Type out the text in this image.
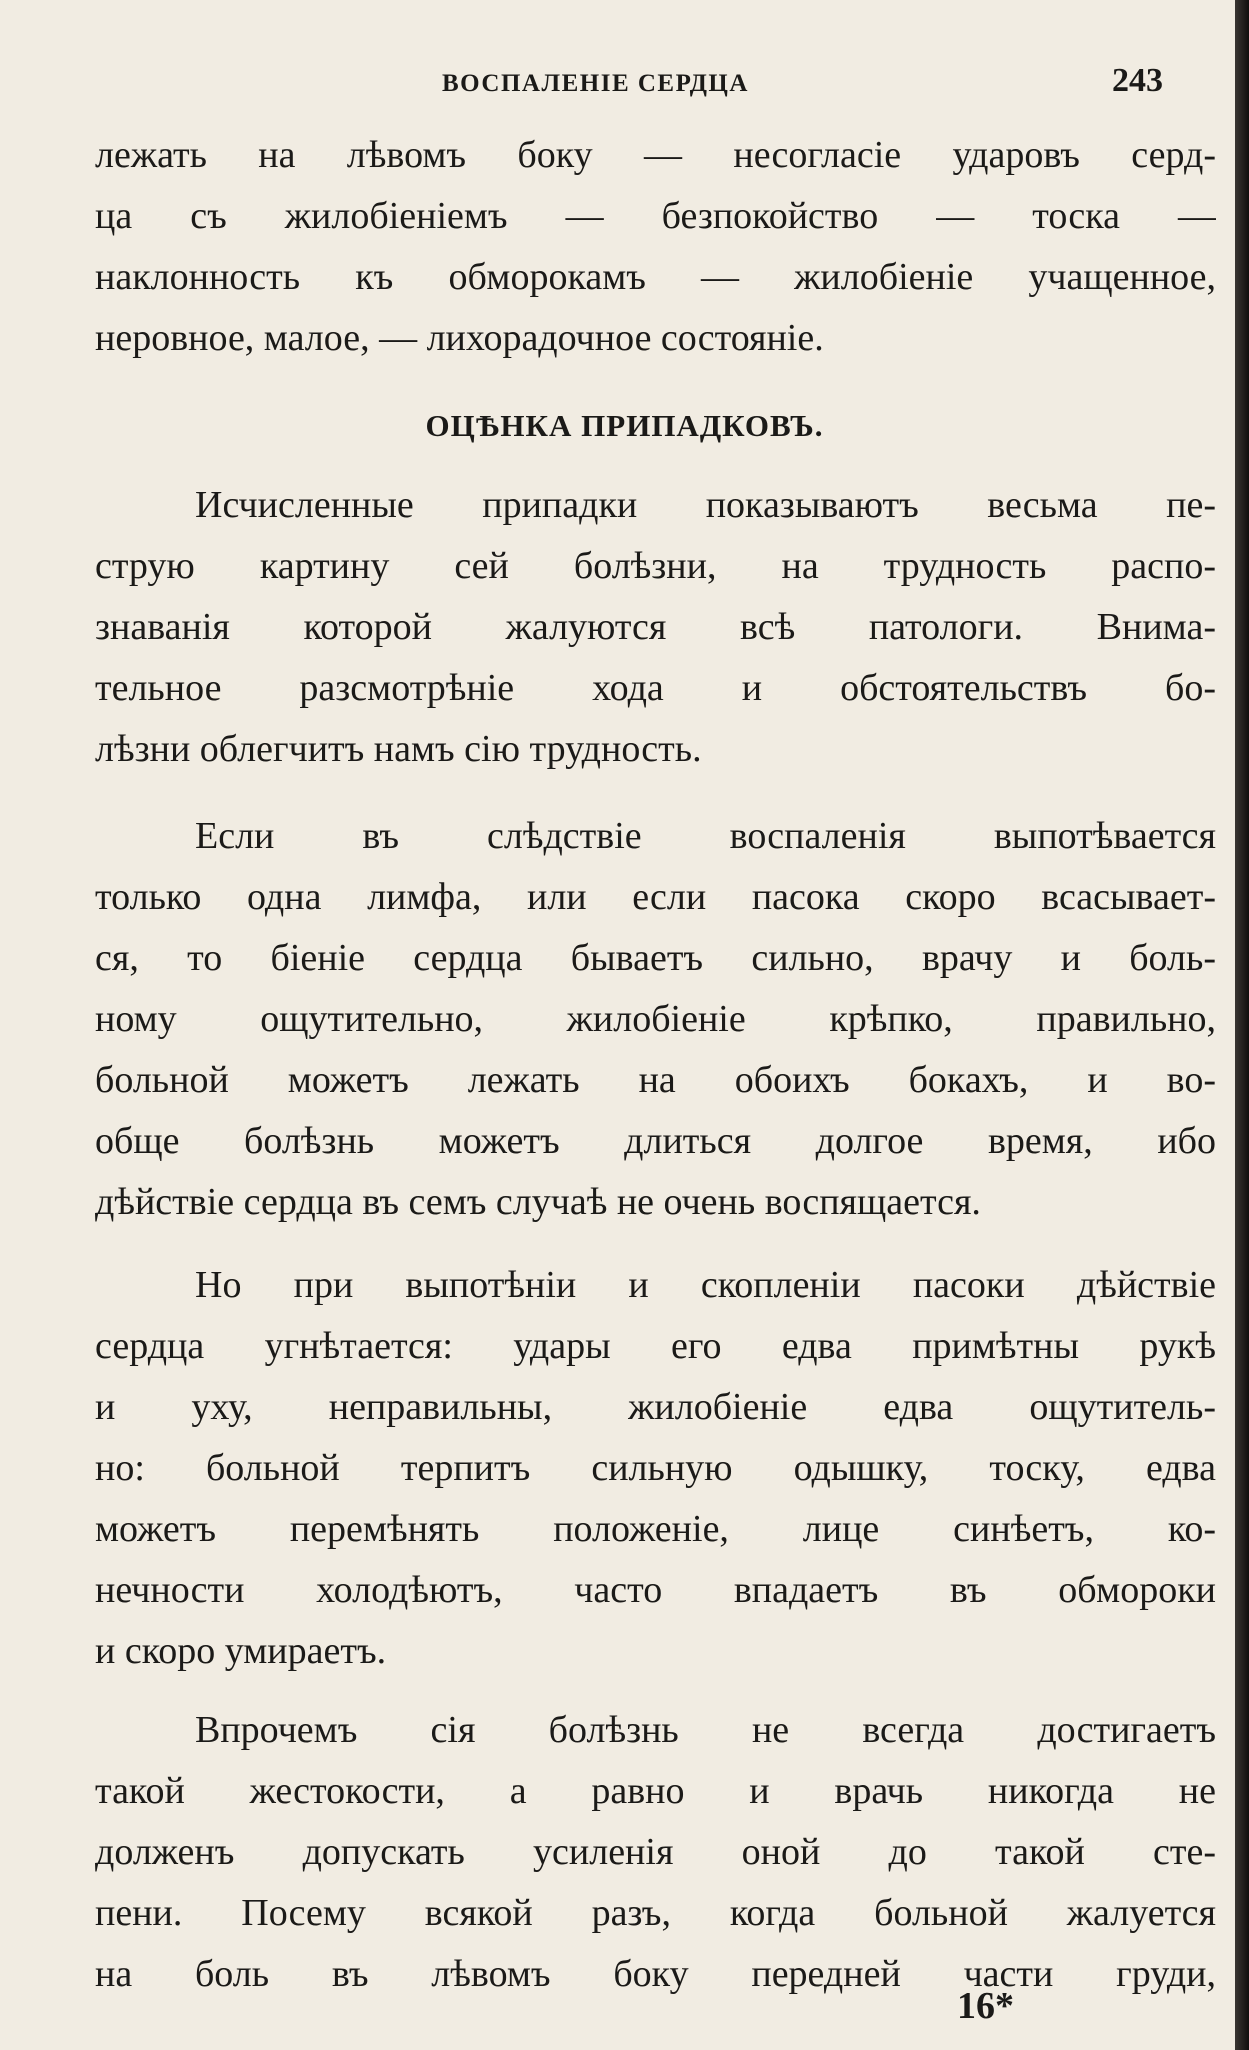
ВОСПАЛЕНІЕ СЕРДЦА	243
лежать на лѣвомъ боку — несогласіе ударовъ серд-
ца съ жилобіеніемъ — безпокойство — тоска —
наклонность къ обморокамъ — жилобіеніе учащенное,
неровное, малое, — лихорадочное состояніе.
ОЦѢНКА ПРИПАДКОВЪ.
Исчисленные припадки показываютъ весьма пе-
струю картину сей болѣзни, на трудность распо-
знаванія которой жалуются всѣ патологи. Внима-
тельное разсмотрѣніе хода и обстоятельствъ бо-
лѣзни облегчитъ намъ сію трудность.
Если въ слѣдствіе воспаленія выпотѣвается
только одна лимфа, или если пасока скоро всасывает-
ся, то біеніе сердца бываетъ сильно, врачу и боль-
ному ощутительно, жилобіеніе крѣпко, правильно,
больной можетъ лежать на обоихъ бокахъ, и во-
обще болѣзнь можетъ длиться долгое время, ибо
дѣйствіе сердца въ семъ случаѣ не очень воспящается.
Но при выпотѣніи и скопленіи пасоки дѣйствіе
сердца угнѣтается: удары его едва примѣтны рукѣ
и уху, неправильны, жилобіеніе едва ощутитель-
но: больной терпитъ сильную одышку, тоску, едва
можетъ перемѣнять положеніе, лице синѣетъ, ко-
нечности холодѣютъ, часто впадаетъ въ обмороки
и скоро умираетъ.
Впрочемъ сія болѣзнь не всегда достигаетъ
такой жестокости, а равно и врачь никогда не
долженъ допускать усиленія оной до такой сте-
пени. Посему всякой разъ, когда больной жалуется
на боль въ лѣвомъ боку передней части груди,
16*
